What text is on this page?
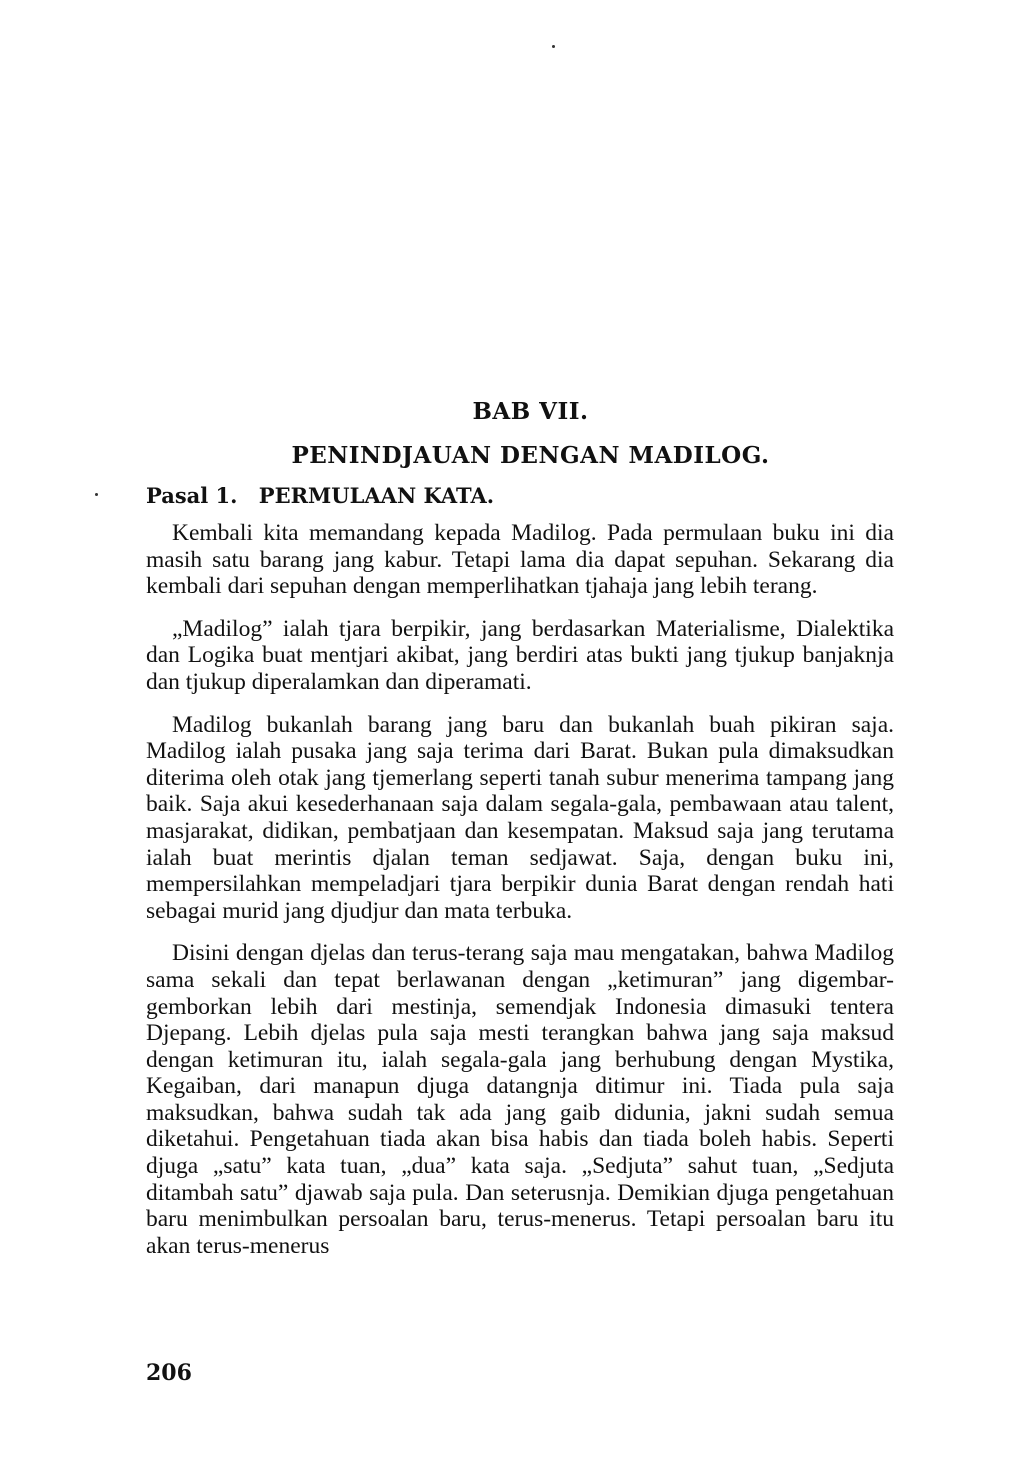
BAB VII.
PENINDJAUAN DENGAN MADILOG.
Pasal 1. PERMULAAN KATA.

Kembali kita memandang kepada Madilog. Pada permulaan buku ini dia masih satu barang jang kabur. Tetapi lama dia dapat sepuhan. Sekarang dia kembali dari sepuhan dengan memperlihatkan tjahaja jang lebih terang.

„Madilog” ialah tjara berpikir, jang berdasarkan Materialisme, Dialektika dan Logika buat mentjari akibat, jang berdiri atas bukti jang tjukup banjaknja dan tjukup diperalamkan dan diperamati.

Madilog bukanlah barang jang baru dan bukanlah buah pikiran saja. Madilog ialah pusaka jang saja terima dari Barat. Bukan pula dimaksudkan diterima oleh otak jang tjemerlang seperti tanah subur menerima tampang jang baik. Saja akui kesederhanaan saja dalam segala-gala, pembawaan atau talent, masjarakat, didikan, pembatjaan dan kesempatan. Maksud saja jang terutama ialah buat merintis djalan teman sedjawat. Saja, dengan buku ini, mempersilahkan mempeladjari tjara berpikir dunia Barat dengan rendah hati sebagai murid jang djudjur dan mata terbuka.

Disini dengan djelas dan terus-terang saja mau mengatakan, bahwa Madilog sama sekali dan tepat berlawanan dengan „ketimuran” jang digembar-gemborkan lebih dari mestinja, semendjak Indonesia dimasuki tentera Djepang. Lebih djelas pula saja mesti terangkan bahwa jang saja maksud dengan ketimuran itu, ialah segala-gala jang berhubung dengan Mystika, Kegaiban, dari manapun djuga datangnja ditimur ini. Tiada pula saja maksudkan, bahwa sudah tak ada jang gaib didunia, jakni sudah semua diketahui. Pengetahuan tiada akan bisa habis dan tiada boleh habis. Seperti djuga „satu” kata tuan, „dua” kata saja. „Sedjuta” sahut tuan, „Sedjuta ditambah satu” djawab saja pula. Dan seterusnja. Demikian djuga pengetahuan baru menimbulkan persoalan baru, terus-menerus. Tetapi persoalan baru itu akan terus-menerus

206
